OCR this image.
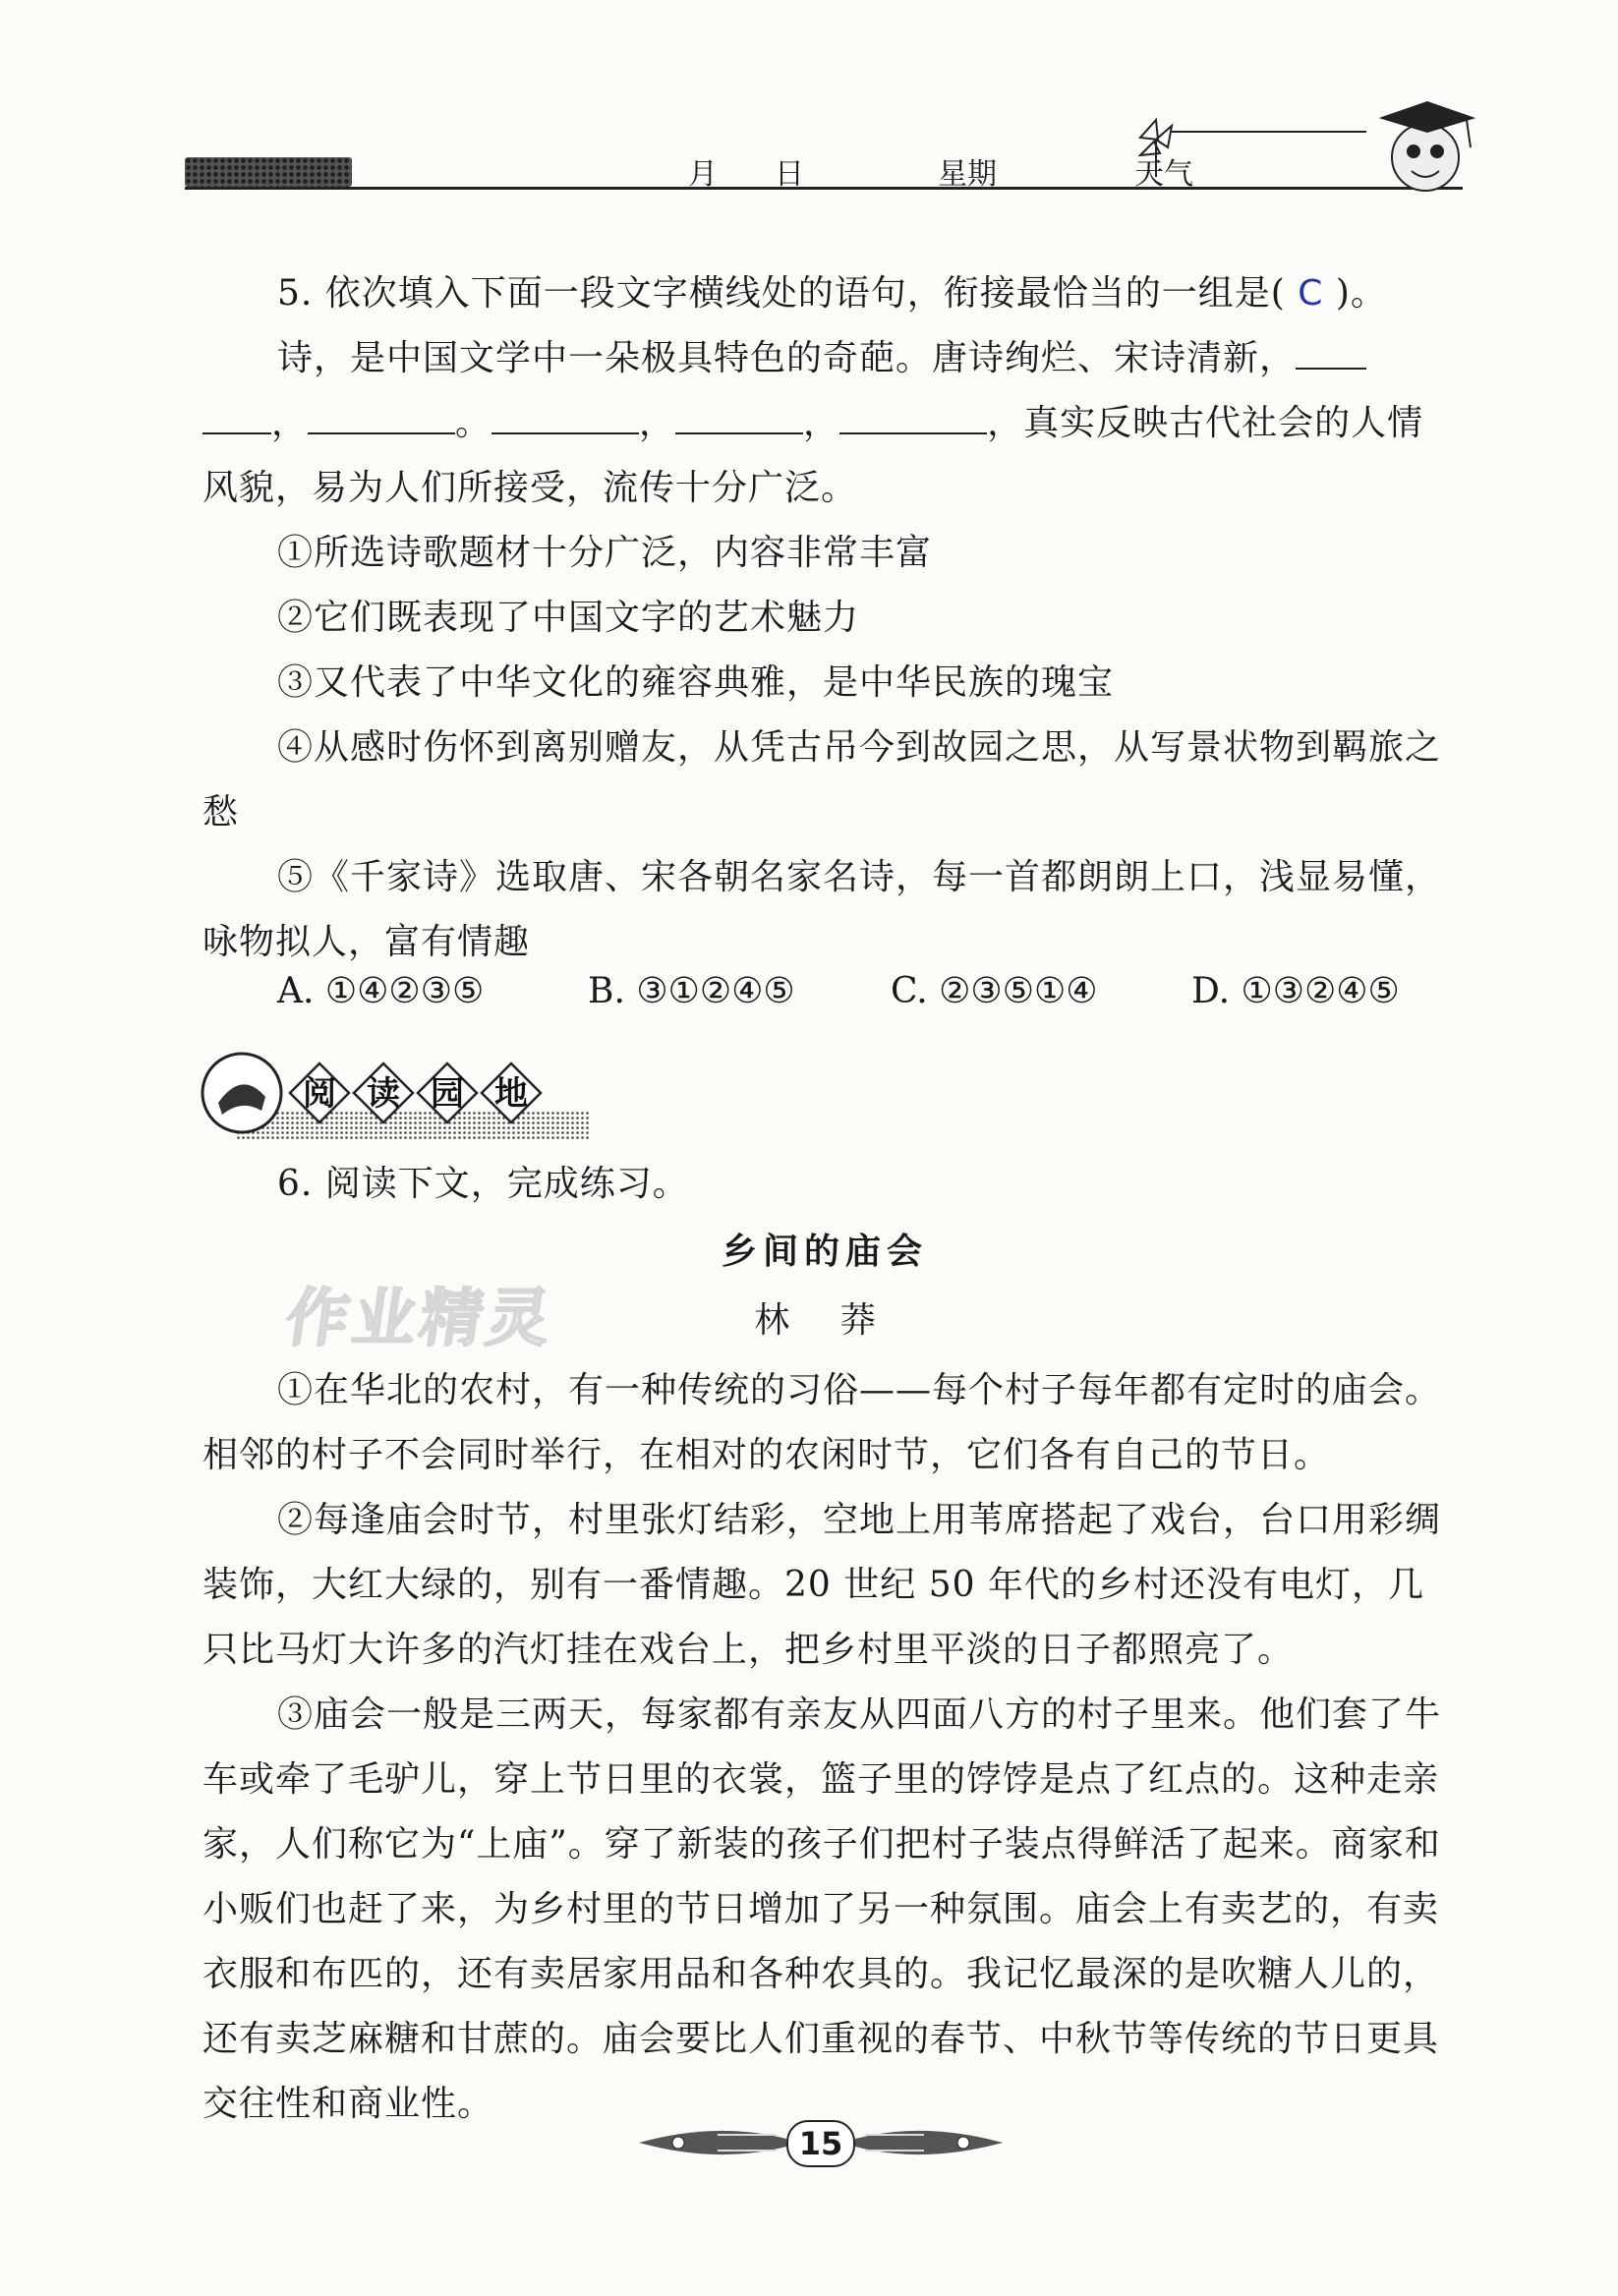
月 日	星期	天气

5. 依次填入下面一段文字横线处的语句，衔接最恰当的一组是( C )。

诗，是中国文学中一朵极具特色的奇葩。唐诗绚烂、宋诗清新，

，	。	，	，	，真实反映古代社会的人情

风貌，易为人们所接受，流传十分广泛。

①所选诗歌题材十分广泛，内容非常丰富

②它们既表现了中国文字的艺术魅力

③又代表了中华文化的雍容典雅，是中华民族的瑰宝

④从感时伤怀到离别赠友，从凭古吊今到故园之思，从写景状物到羁旅之愁

⑤《千家诗》选取唐、宋各朝名家名诗，每一首都朗朗上口，浅显易懂，咏物拟人，富有情趣

A. ①④②③⑤	B. ③①②④⑤	C. ②③⑤①④	D. ①③②④⑤
阅 读 园 地

6. 阅读下文，完成练习。

乡间的庙会
林 莽
作业精灵

①在华北的农村，有一种传统的习俗——每个村子每年都有定时的庙会。相邻的村子不会同时举行，在相对的农闲时节，它们各有自己的节日。

②每逢庙会时节，村里张灯结彩，空地上用苇席搭起了戏台，台口用彩绸装饰，大红大绿的，别有一番情趣。20 世纪 50 年代的乡村还没有电灯，几只比马灯大许多的汽灯挂在戏台上，把乡村里平淡的日子都照亮了。

③庙会一般是三两天，每家都有亲友从四面八方的村子里来。他们套了牛车或牵了毛驴儿，穿上节日里的衣裳，篮子里的饽饽是点了红点的。这种走亲家，人们称它为“上庙”。穿了新装的孩子们把村子装点得鲜活了起来。商家和小贩们也赶了来，为乡村里的节日增加了另一种氛围。庙会上有卖艺的，有卖衣服和布匹的，还有卖居家用品和各种农具的。我记忆最深的是吹糖人儿的，还有卖芝麻糖和甘蔗的。庙会要比人们重视的春节、中秋节等传统的节日更具交往性和商业性。

15
